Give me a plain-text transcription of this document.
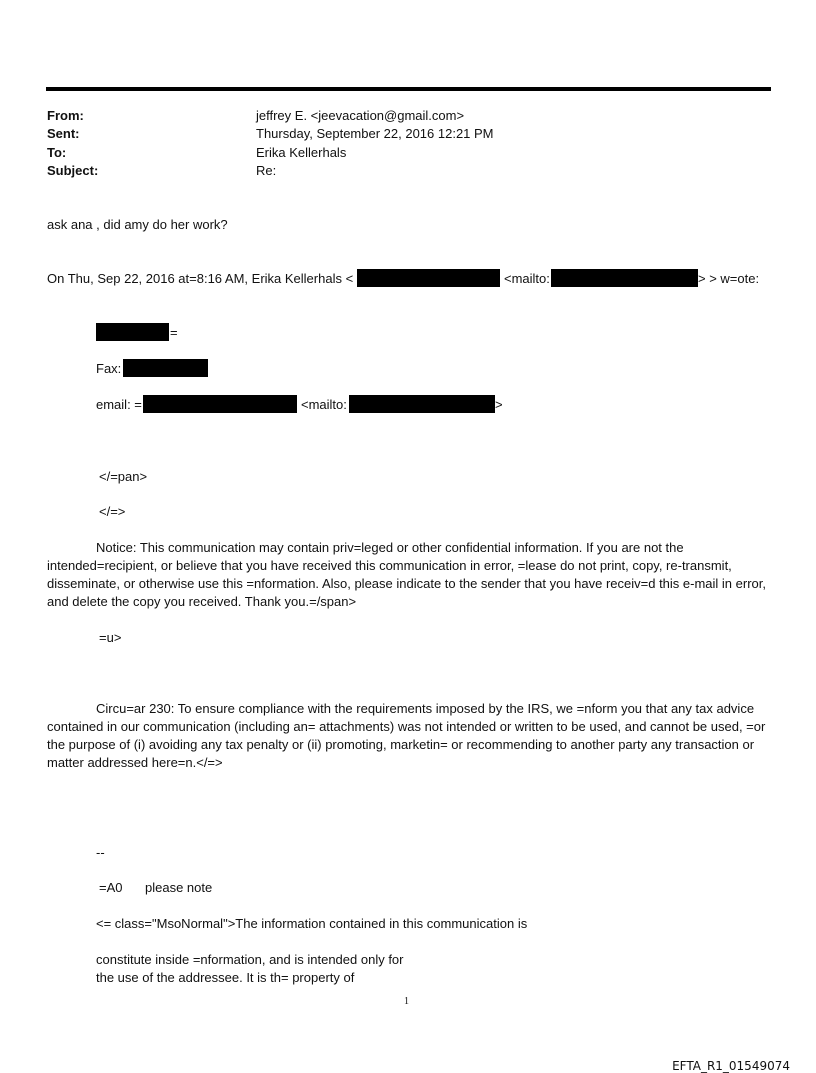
From:	jeffrey E. <jeevacation@gmail.com>
Sent:	Thursday, September 22, 2016 12:21 PM
To:	Erika Kellerhals
Subject:	Re:
ask ana , did amy do her work?
On Thu, Sep 22, 2016 at=8:16 AM, Erika Kellerhals <	<mailto:	> > w=ote:
=
Fax:
email: =	<mailto:	>
</=pan>
</=>
Notice: This communication may contain priv=leged or other confidential information. If you are not the intended=recipient, or believe that you have received this communication in error, =lease do not print, copy, re-transmit, disseminate, or otherwise use this =nformation. Also, please indicate to the sender that you have receiv=d this e-mail in error, and delete the copy you received. Thank you.=/span>
=u>
Circu=ar 230: To ensure compliance with the requirements imposed by the IRS, we =nform you that any tax advice contained in our communication (including an= attachments) was not intended or written to be used, and cannot be used, =or the purpose of (i) avoiding any tax penalty or (ii) promoting, marketin= or recommending to another party any transaction or matter addressed here=n.</=>
--
=A0 please note
<= class="MsoNormal">The information contained in this communication is
constitute inside =nformation, and is intended only for
the use of the addressee. It is th= property of
1
EFTA_R1_01549074
